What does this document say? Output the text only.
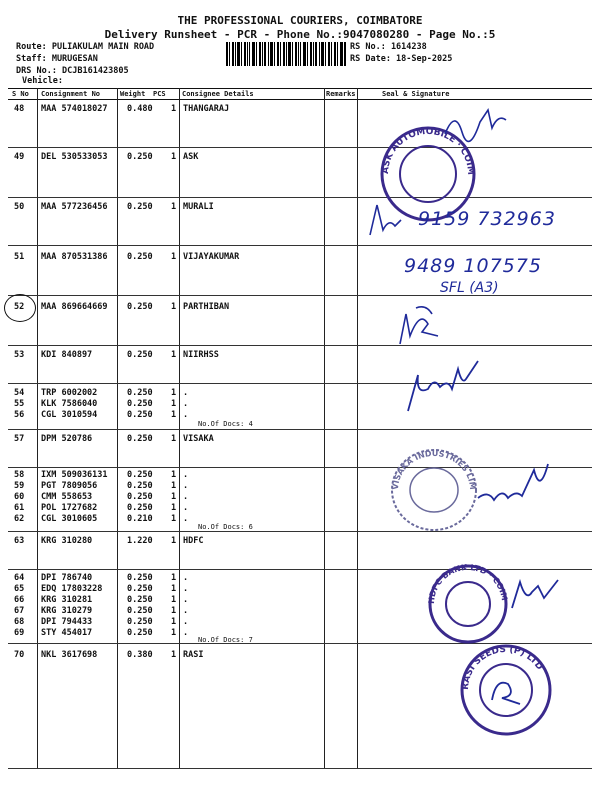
THE PROFESSIONAL COURIERS, COIMBATORE
Delivery Runsheet - PCR - Phone No.:9047080280 - Page No.:5
Route: PULIAKULAM MAIN ROAD
Staff: MURUGESAN
DRS No.: DCJB161423805
Vehicle:
RS No.: 1614238
RS Date: 18-Sep-2025
S No Consignment No	Weight PCS Consignee Details	Remarks	Seal & Signature
48 MAA 574018027 0.480 1 THANGARAJ
49 DEL 530533053 0.250 1 ASK
50 MAA 577236456 0.250 1 MURALI
51 MAA 870531386 0.250 1 VIJAYAKUMAR
52 MAA 869664669 0.250 1 PARTHIBAN
53 KDI 840897	0.250 1 NIIRHSS
54 TRP 6002002	0.250 1 .
55 KLK 7586040	0.250 1 .
56 CGL 3010594	0.250 1 .
57 DPM 520786	0.250 1 VISAKA
58 IXM 509036131 0.250 1 .
59 PGT 7809056	0.250 1 .
60 CMM 558653	0.250 1 .
61 POL 1727682	0.250 1 .
62 CGL 3010605	0.210 1 .
63 KRG 310280	1.220 1 HDFC
64 DPI 786740	0.250 1 .
65 EDQ 17803228	0.250 1 .
66 KRG 310281	0.250 1 .
67 KRG 310279	0.250 1 .
68 DPI 794433	0.250 1 .
69 STY 454017	0.250 1 .
70 NKL 3617698	0.380 1 RASI
No.Of Docs: 4
No.Of Docs: 6
No.Of Docs: 7
ASK AUTOMOBILE · COIM
9159 732963
9489 107575
SFL (A3)
VISAKA INDUSTRIES LIM
HDFC BANK LTD · COIM
RASI SEEDS (P) LTD
